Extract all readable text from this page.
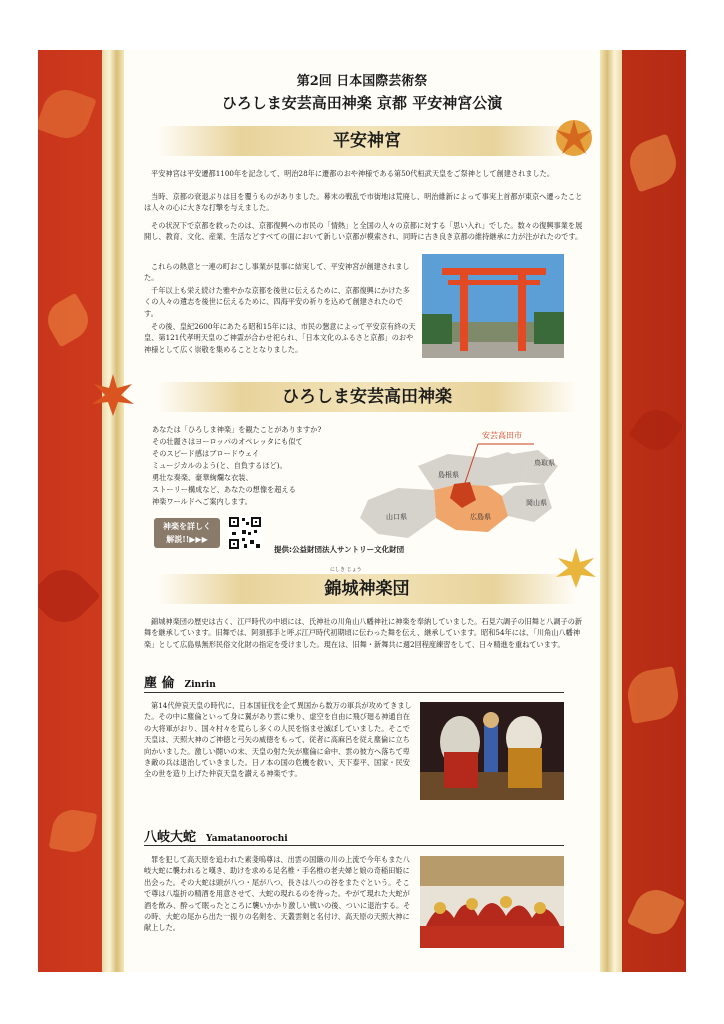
第2回 日本国際芸術祭
ひろしま安芸高田神楽 京都 平安神宮公演
平安神宮

平安神宮は平安遷都1100年を記念して、明治28年に遷都のおや神様である第50代桓武天皇をご祭神として創建されました。

当時、京都の衰退ぶりは目を覆うものがありました。幕末の戦乱で市街地は荒廃し、明治維新によって事実上首都が東京へ遷ったことは人々の心に大きな打撃を与えました。

その状況下で京都を救ったのは、京都復興への市民の「情熱」と全国の人々の京都に対する「思い入れ」でした。数々の復興事業を展開し、教育、文化、産業、生活などすべての面において新しい京都が模索され、同時に古き良き京都の維持継承に力が注がれたのです。

これらの熱意と一連の町おこし事業が見事に結実して、平安神宮が創建されました。

千年以上も栄え続けた雅やかな京都を後世に伝えるために、京都復興にかけた多くの人々の遺志を後世に伝えるために、四海平安の祈りを込めて創建されたのです。

その後、皇紀2600年にあたる昭和15年には、市民の懇意によって平安京有終の天皇、第121代孝明天皇のご神霊が合わせ祀られ、「日本文化のふるさと京都」のおや神様として広く崇敬を集めることとなりました。

ひろしま安芸高田神楽

あなたは「ひろしま神楽」を観たことがありますか?

その壮麗さはヨーロッパのオペレッタにも似て

そのスピード感はブロードウェイ

ミュージカルのよう(と、自負するほど)。

勇壮な奏楽、豪華絢爛な衣装、

ストーリー構成など、あなたの想像を超える

神楽ワールドへご案内します。

神楽を詳しく
解説!!▶▶▶
安芸高田市
島根県
鳥取県
岡山県
広島県
山口県
提供:公益財団法人サントリー文化財団
にしき じょう
錦城神楽団

錦城神楽団の歴史は古く、江戸時代の中頃には、氏神社の川角山八幡神社に神楽を奉納していました。石見六調子の旧舞と八調子の新舞を継承しています。旧舞では、阿須那手と呼ぶ江戸時代初期頃に伝わった舞を伝え、継承しています。昭和54年には、「川角山八幡神楽」として広島県無形民俗文化財の指定を受けました。現在は、旧舞・新舞共に週2回程度練習をして、日々精進を重ねています。

塵 倫 Zinrin

第14代仲哀天皇の時代に、日本国征伐を企て異国から数万の軍兵が攻めてきました。その中に塵倫といって身に翼があり雲に乗り、虚空を自由に飛び廻る神通自在の大将軍がおり、国々村々を荒らし多くの人民を悩ませ滅ぼしていました。そこで天皇は、天照大神のご神徳と弓矢の威徳をもって、従者に高麻呂を従え塵倫に立ち向かいました。激しい闘いの末、天皇の射た矢が塵倫に命中、雲の彼方へ落ちて卑き敵の兵は退治していきました。日ノ本の国の危機を救い、天下泰平、国家・民安全の世を造り上げた仲哀天皇を讃える神楽です。

八岐大蛇 Yamatanoorochi

罪を犯して高天原を追われた素戔嗚尊は、出雲の国簸の川の上流で今年もまた八岐大蛇に襲われると嘆き、助けを求める足名椎・手名椎の老夫婦と娘の奇稲田姫に出会った。その大蛇は頭が八つ・尾が八つ、長さは八つの谷をまたぐという。そこで尊は八塩折の精酒を用意させて、大蛇の現れるのを待った。やがて現れた大蛇が酒を飲み、酔って眠ったところに襲いかかり激しい戦いの後、ついに退治する。その時、大蛇の尾から出た一振りの名剣を、天叢雲剣と名付け、高天原の天照大神に献上した。
